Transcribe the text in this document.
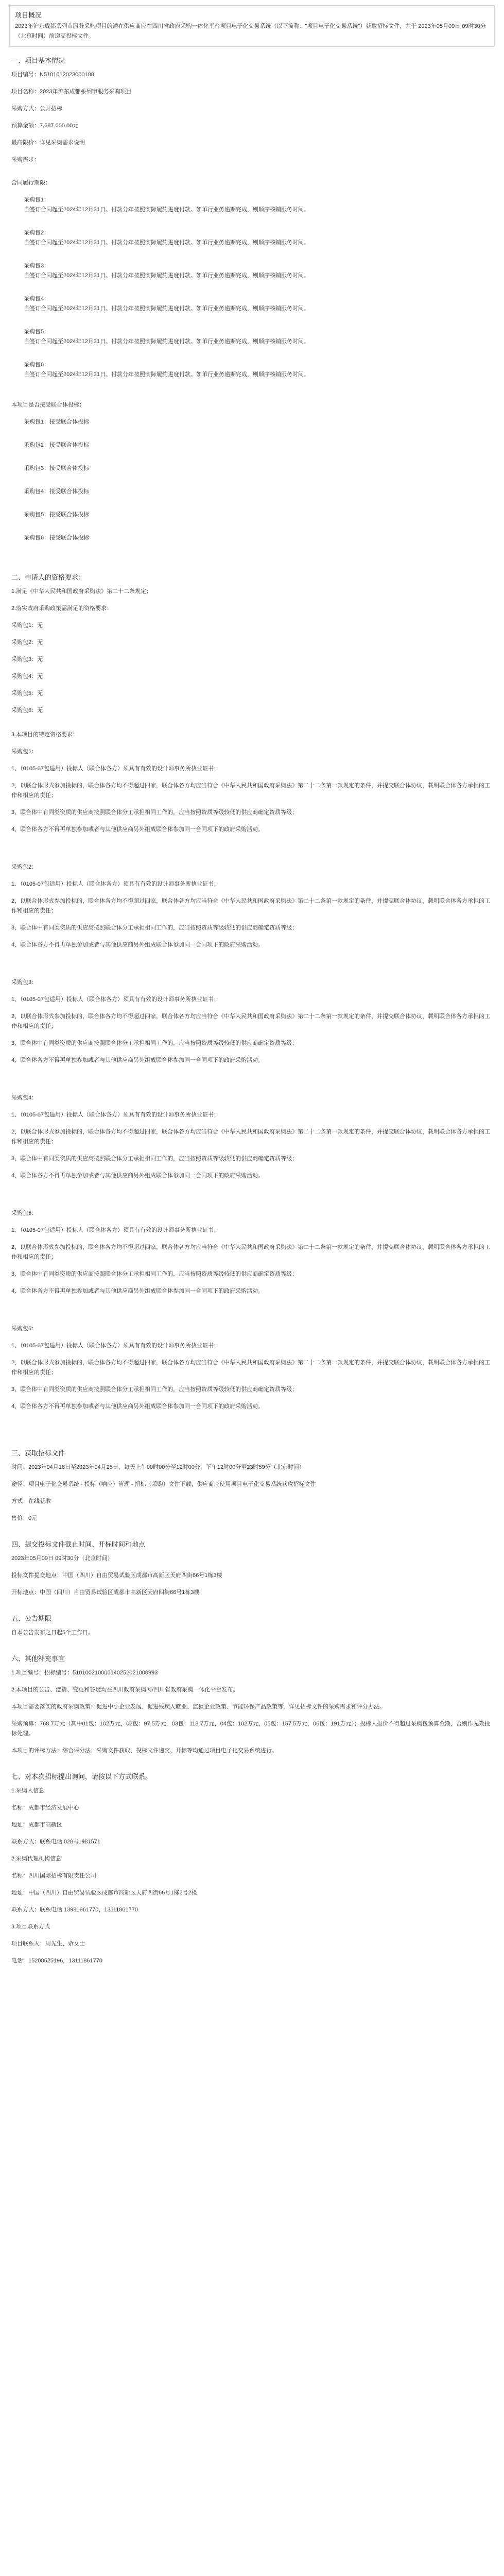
项目概况
2023年沪东成都系列市服务采购项目的潜在供应商应在四川省政府采购一体化平台项目电子化交易系统（以下简称："项目电子化交易系统"）获取招标文件，并于 2023年05月09日 09时30分（北京时间）前递交投标文件。
一、项目基本情况
项目编号：N5101012023000188
项目名称：2023年沪东成都系列市服务采购项目
采购方式：公开招标
预算金额：7,687,000.00元
最高限价：详见采购需求说明
采购需求：
合同履行期限：
采购包1：
自签订合同起至2024年12月31日。付款分年按照实际履约进度付款。如单行业务逾期完成，则顺序核销服务时间。
采购包2：
自签订合同起至2024年12月31日。付款分年按照实际履约进度付款。如单行业务逾期完成，则顺序核销服务时间。
采购包3：
自签订合同起至2024年12月31日。付款分年按照实际履约进度付款。如单行业务逾期完成，则顺序核销服务时间。
采购包4：
自签订合同起至2024年12月31日。付款分年按照实际履约进度付款。如单行业务逾期完成，则顺序核销服务时间。
采购包5：
自签订合同起至2024年12月31日。付款分年按照实际履约进度付款。如单行业务逾期完成，则顺序核销服务时间。
采购包6：
自签订合同起至2024年12月31日。付款分年按照实际履约进度付款。如单行业务逾期完成，则顺序核销服务时间。
本项目是否接受联合体投标：
采购包1：接受联合体投标
采购包2：接受联合体投标
采购包3：接受联合体投标
采购包4：接受联合体投标
采购包5：接受联合体投标
采购包6：接受联合体投标
二、申请人的资格要求：
1.满足《中华人民共和国政府采购法》第二十二条规定；
2.落实政府采购政策需满足的资格要求：
采购包1：无
采购包2：无
采购包3：无
采购包4：无
采购包5：无
采购包6：无
3.本项目的特定资格要求：
采购包1：
1、（0105-07包适用）投标人（联合体各方）须具有有效的设计师事务所执业证书；
2、以联合体形式参加投标的，联合体各方均不得超过四家，联合体各方均应当符合《中华人民共和国政府采购法》第二十二条第一款规定的条件，并提交联合体协议，载明联合体各方承担的工作和相应的责任；
3、联合体中有同类资质的供应商按照联合体分工承担相同工作的，应当按照资质等级较低的供应商确定资质等级；
4、联合体各方不得再单独参加或者与其他供应商另外组成联合体参加同一合同项下的政府采购活动。
采购包2：
1、（0105-07包适用）投标人（联合体各方）须具有有效的设计师事务所执业证书；
2、以联合体形式参加投标的，联合体各方均不得超过四家，联合体各方均应当符合《中华人民共和国政府采购法》第二十二条第一款规定的条件，并提交联合体协议，载明联合体各方承担的工作和相应的责任；
3、联合体中有同类资质的供应商按照联合体分工承担相同工作的，应当按照资质等级较低的供应商确定资质等级；
4、联合体各方不得再单独参加或者与其他供应商另外组成联合体参加同一合同项下的政府采购活动。
采购包3：
1、（0105-07包适用）投标人（联合体各方）须具有有效的设计师事务所执业证书；
2、以联合体形式参加投标的，联合体各方均不得超过四家，联合体各方均应当符合《中华人民共和国政府采购法》第二十二条第一款规定的条件，并提交联合体协议，载明联合体各方承担的工作和相应的责任；
3、联合体中有同类资质的供应商按照联合体分工承担相同工作的，应当按照资质等级较低的供应商确定资质等级；
4、联合体各方不得再单独参加或者与其他供应商另外组成联合体参加同一合同项下的政府采购活动。
采购包4：
1、（0105-07包适用）投标人（联合体各方）须具有有效的设计师事务所执业证书；
2、以联合体形式参加投标的，联合体各方均不得超过四家，联合体各方均应当符合《中华人民共和国政府采购法》第二十二条第一款规定的条件，并提交联合体协议，载明联合体各方承担的工作和相应的责任；
3、联合体中有同类资质的供应商按照联合体分工承担相同工作的，应当按照资质等级较低的供应商确定资质等级；
4、联合体各方不得再单独参加或者与其他供应商另外组成联合体参加同一合同项下的政府采购活动。
采购包5：
1、（0105-07包适用）投标人（联合体各方）须具有有效的设计师事务所执业证书；
2、以联合体形式参加投标的，联合体各方均不得超过四家，联合体各方均应当符合《中华人民共和国政府采购法》第二十二条第一款规定的条件，并提交联合体协议，载明联合体各方承担的工作和相应的责任；
3、联合体中有同类资质的供应商按照联合体分工承担相同工作的，应当按照资质等级较低的供应商确定资质等级；
4、联合体各方不得再单独参加或者与其他供应商另外组成联合体参加同一合同项下的政府采购活动。
采购包6：
1、（0105-07包适用）投标人（联合体各方）须具有有效的设计师事务所执业证书；
2、以联合体形式参加投标的，联合体各方均不得超过四家，联合体各方均应当符合《中华人民共和国政府采购法》第二十二条第一款规定的条件，并提交联合体协议，载明联合体各方承担的工作和相应的责任；
3、联合体中有同类资质的供应商按照联合体分工承担相同工作的，应当按照资质等级较低的供应商确定资质等级；
4、联合体各方不得再单独参加或者与其他供应商另外组成联合体参加同一合同项下的政府采购活动。
三、获取招标文件
时间：2023年04月18日至2023年04月25日，每天上午00时00分至12时00分，下午12时00分至23时59分（北京时间）
途径：项目电子化交易系统 - 投标（响应）管理 - 招标（采购）文件下载，供应商应使用项目电子化交易系统获取招标文件
方式：在线获取
售价：0元
四、提交投标文件截止时间、开标时间和地点
2023年05月09日 09时30分（北京时间）
投标文件提交地点：中国（四川）自由贸易试验区成都市高新区天府四街66号1栋3楼
开标地点：中国（四川）自由贸易试验区成都市高新区天府四街66号1栋3楼
五、公告期限
自本公告发布之日起5个工作日。
六、其他补充事宜
1.项目编号：招标编号：510100210000140252021000993
2.本项目的公告、澄清、变更和答疑均在四川政府采购网/四川省政府采购一体化平台发布。
本项目需要落实的政府采购政策：促进中小企业发展、促进残疾人就业、监狱企业政策、节能环保产品政策等，详见招标文件的采购需求和评分办法。
采购预算：768.7万元（其中01包：102万元，02包：97.5万元，03包：118.7万元，04包：102万元，05包：157.5万元，06包：191万元）；投标人报价不得超过采购包预算金额，否则作无效投标处理。
本项目的评标方法：综合评分法；采购文件获取、投标文件递交、开标等均通过项目电子化交易系统进行。
七、对本次招标提出询问，请按以下方式联系。
1.采购人信息
名称：成都市经济发展中心
地址：成都市高新区
联系方式：联系电话 028-61981571
2.采购代理机构信息
名称：四川国际招标有限责任公司
地址：中国（四川）自由贸易试验区成都市高新区天府四街66号1栋2号2楼
联系方式：联系电话 13981961770，13111861770
3.项目联系方式
项目联系人：周先生、余女士
电话：15208525196，13111861770
